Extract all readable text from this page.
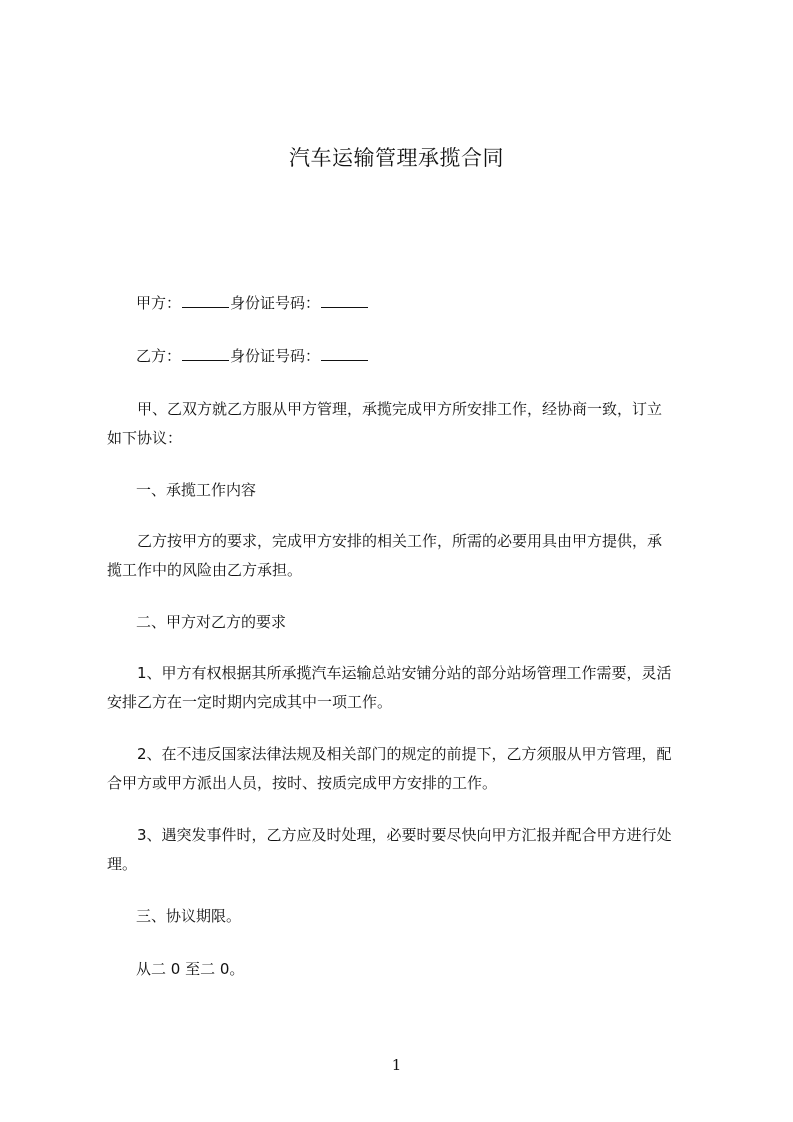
汽车运输管理承揽合同

甲方：	身份证号码：

乙方：	身份证号码：

甲、乙双方就乙方服从甲方管理，承揽完成甲方所安排工作，经协商一致，订立
如下协议：

一、承揽工作内容

乙方按甲方的要求，完成甲方安排的相关工作，所需的必要用具由甲方提供，承
揽工作中的风险由乙方承担。

二、甲方对乙方的要求

1、甲方有权根据其所承揽汽车运输总站安铺分站的部分站场管理工作需要，灵活
安排乙方在一定时期内完成其中一项工作。
2、在不违反国家法律法规及相关部门的规定的前提下，乙方须服从甲方管理，配
合甲方或甲方派出人员，按时、按质完成甲方安排的工作。
3、遇突发事件时，乙方应及时处理，必要时要尽快向甲方汇报并配合甲方进行处
理。

三、协议期限。

从二 0 至二 0。

1
